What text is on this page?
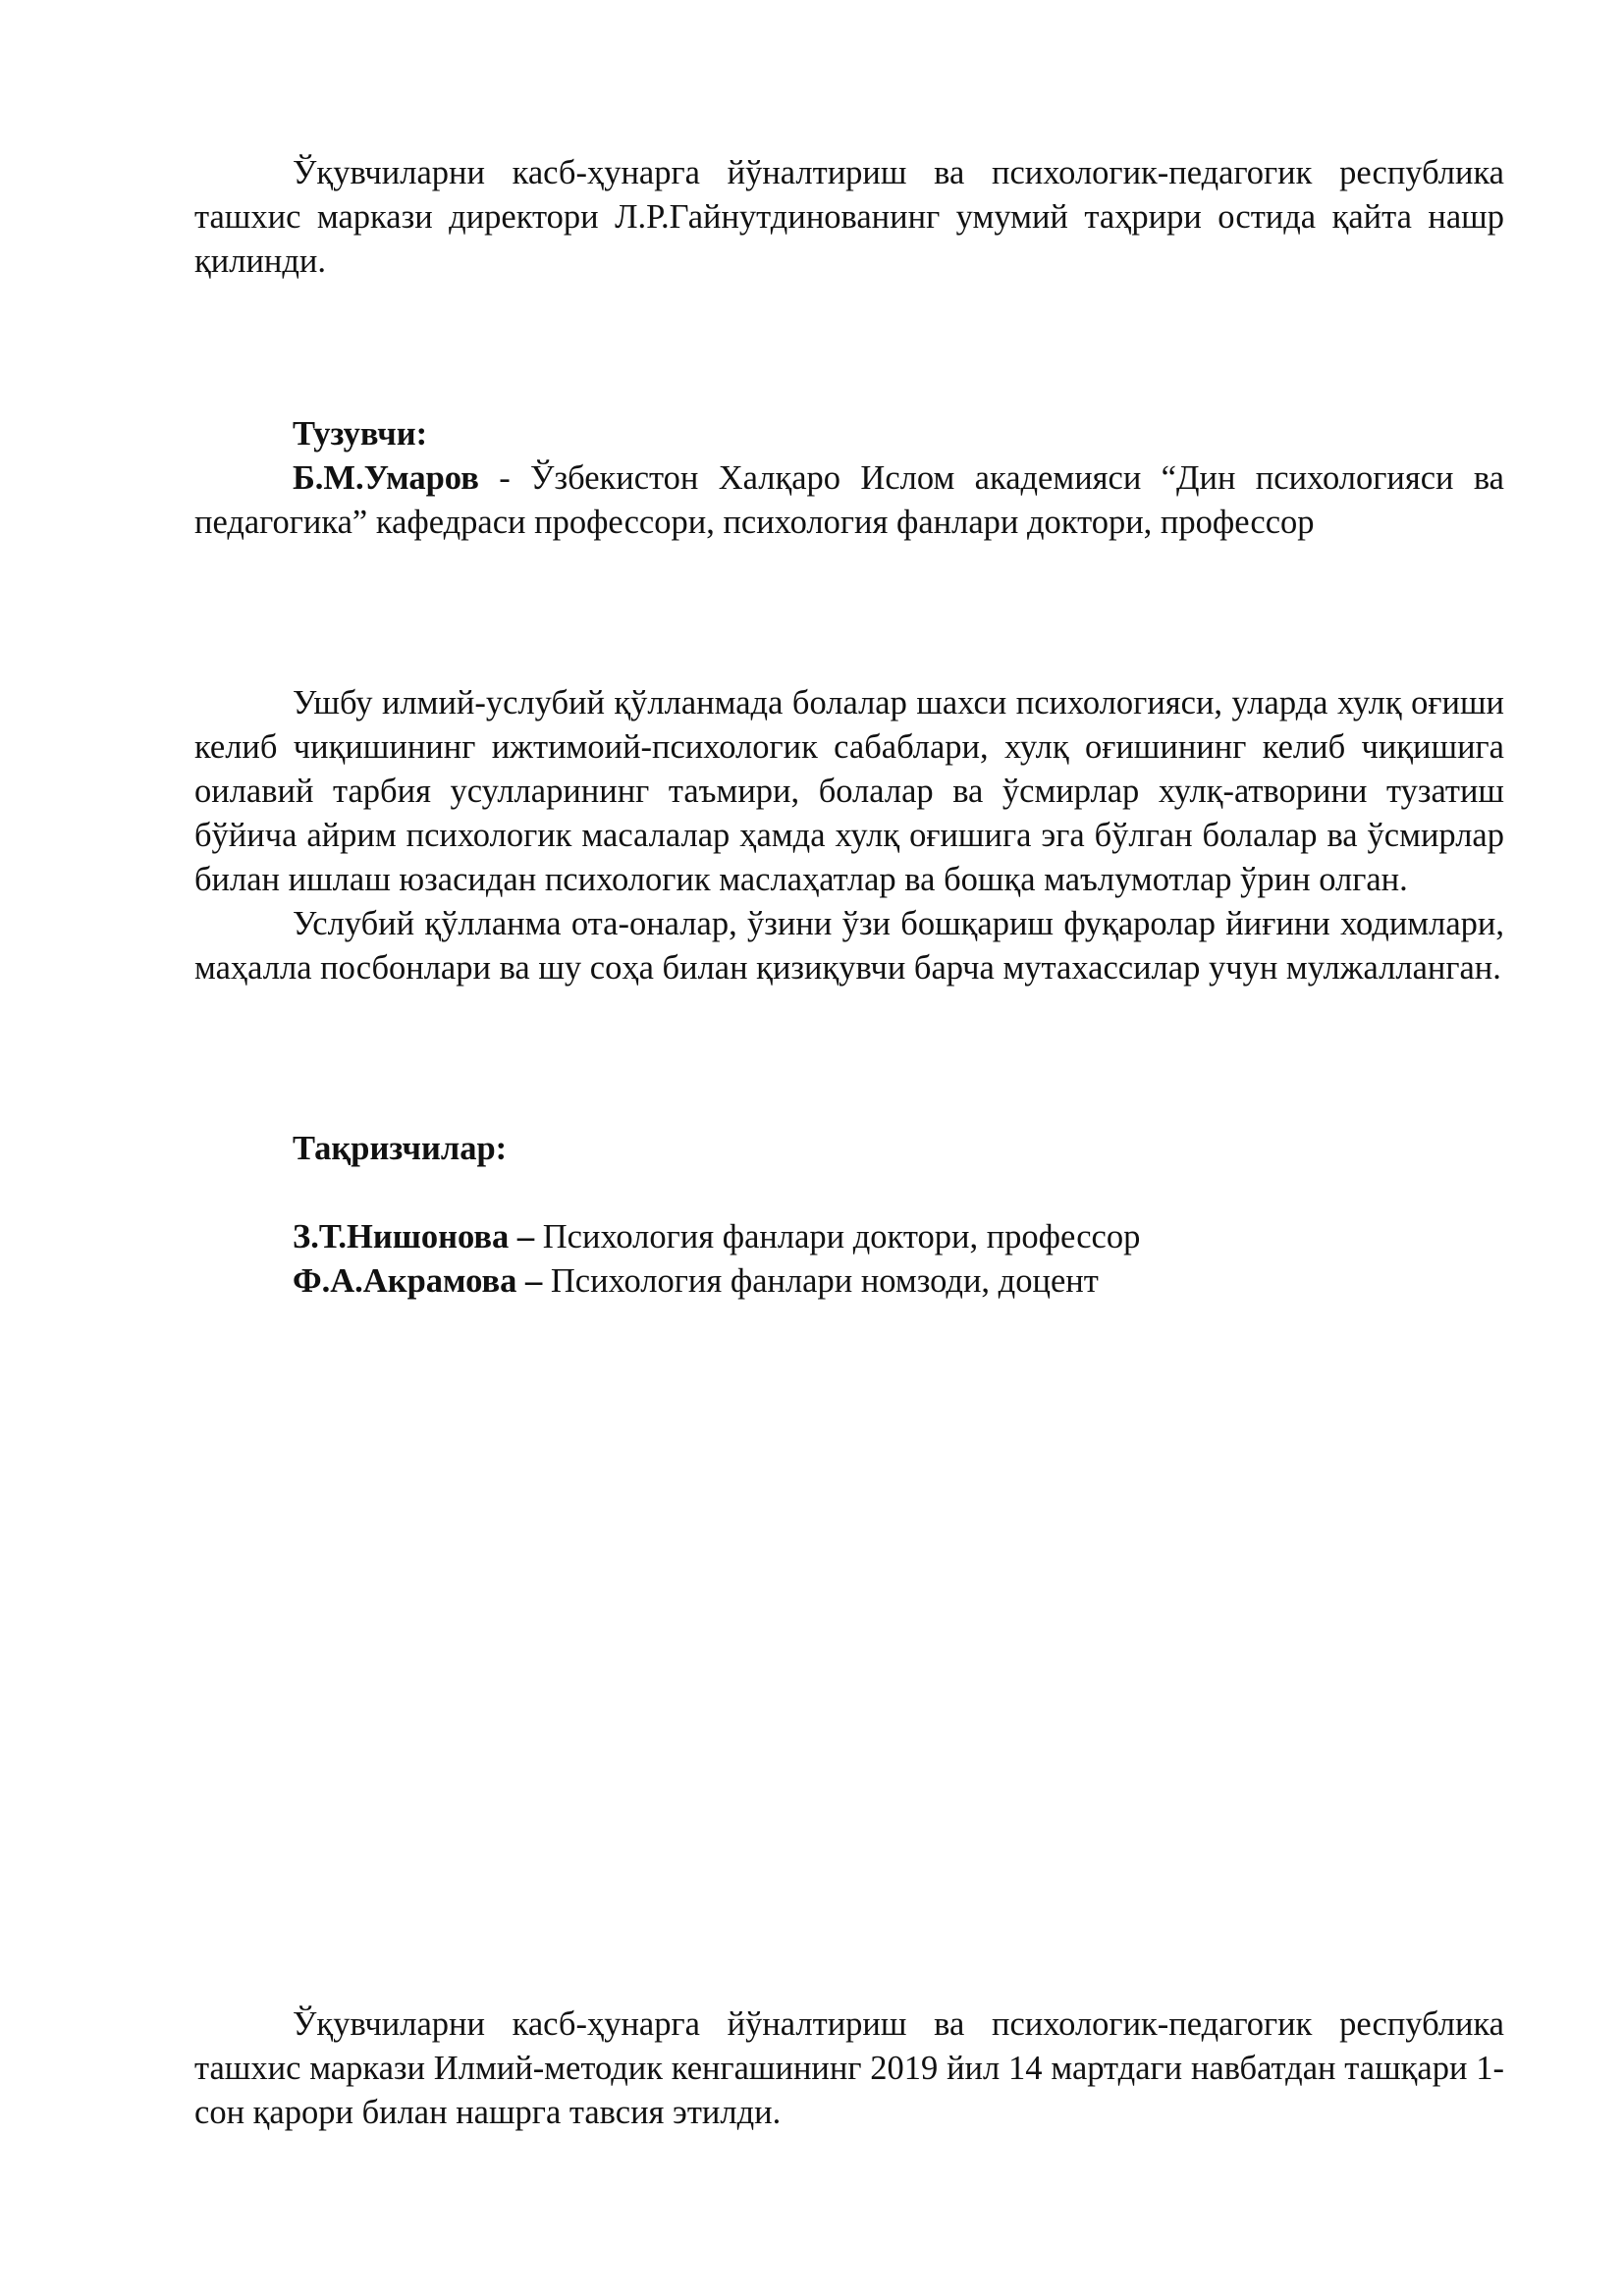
Ўқувчиларни касб-ҳунарга йўналтириш ва психологик-педагогик республика ташхис маркази директори Л.Р.Гайнутдинованинг умумий таҳрири остида қайта нашр қилинди.

Тузувчи:

Б.М.Умаров - Ўзбекистон Халқаро Ислом академияси “Дин психологияси ва педагогика” кафедраси профессори, психология фанлари доктори, профессор

Ушбу илмий-услубий қўлланмада болалар шахси психологияси, уларда хулқ оғиши келиб чиқишининг ижтимоий-психологик сабаблари, хулқ оғишининг келиб чиқишига оилавий тарбия усулларининг таъмири, болалар ва ўсмирлар хулқ-атворини тузатиш бўйича айрим психологик масалалар ҳамда хулқ оғишига эга бўлган болалар ва ўсмирлар билан ишлаш юзасидан психологик маслаҳатлар ва бошқа маълумотлар ўрин олган.

Услубий қўлланма ота-оналар, ўзини ўзи бошқариш фуқаролар йиғини ходимлари, маҳалла посбонлари ва шу соҳа билан қизиқувчи барча мутахассилар учун мулжалланган.

Тақризчилар:

З.Т.Нишонова – Психология фанлари доктори, профессор

Ф.А.Акрамова – Психология фанлари номзоди, доцент

Ўқувчиларни касб-ҳунарга йўналтириш ва психологик-педагогик республика ташхис маркази Илмий-методик кенгашининг 2019 йил 14 мартдаги навбатдан ташқари 1-сон қарори билан нашрга тавсия этилди.
